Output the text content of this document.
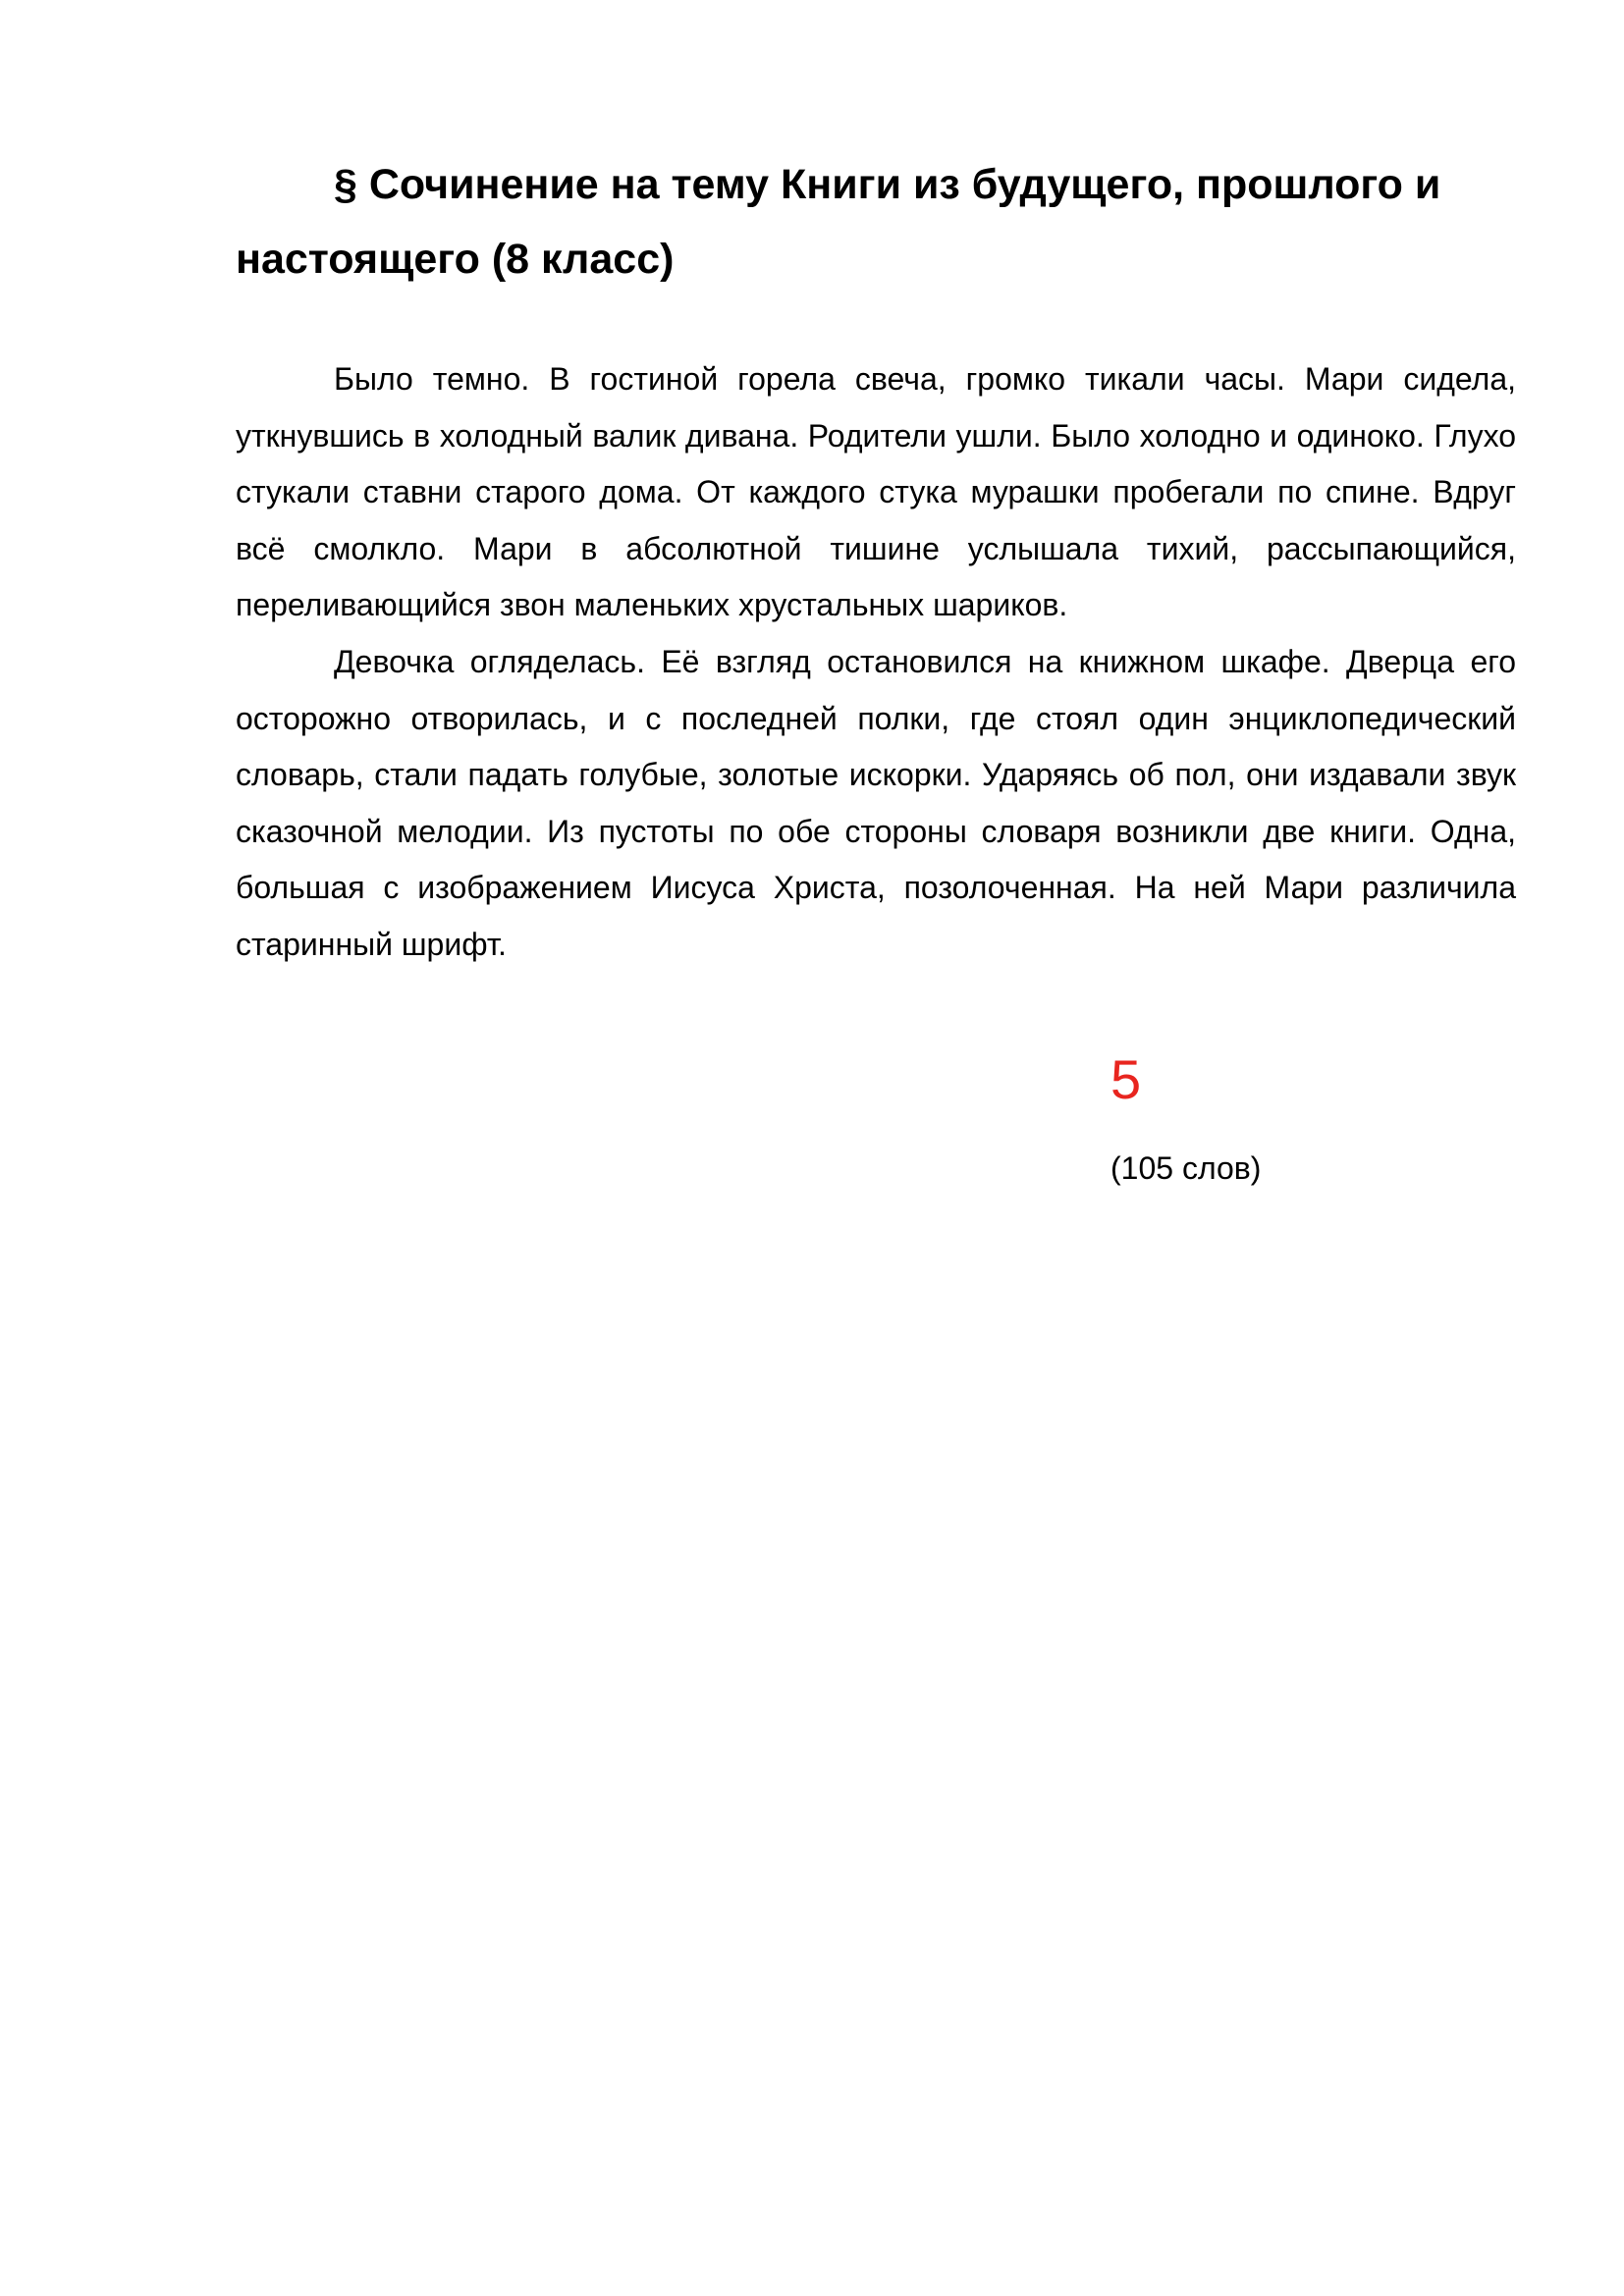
§ Сочинение на тему Книги из будущего, прошлого и настоящего (8 класс)

Было темно. В гостиной горела свеча, громко тикали часы. Мари сидела, уткнувшись в холодный валик дивана. Родители ушли. Было холодно и одиноко. Глухо стукали ставни старого дома. От каждого стука мурашки пробегали по спине. Вдруг всё смолкло. Мари в абсолютной тишине услышала тихий, рассыпающийся, переливающийся звон маленьких хрустальных шариков.

Девочка огляделась. Её взгляд остановился на книжном шкафе. Дверца его осторожно отворилась, и с последней полки, где стоял один энциклопедический словарь, стали падать голубые, золотые искорки. Ударяясь об пол, они издавали звук сказочной мелодии. Из пустоты по обе стороны словаря возникли две книги. Одна, большая с изображением Иисуса Христа, позолоченная. На ней Мари различила старинный шрифт.

5

(105 слов)
